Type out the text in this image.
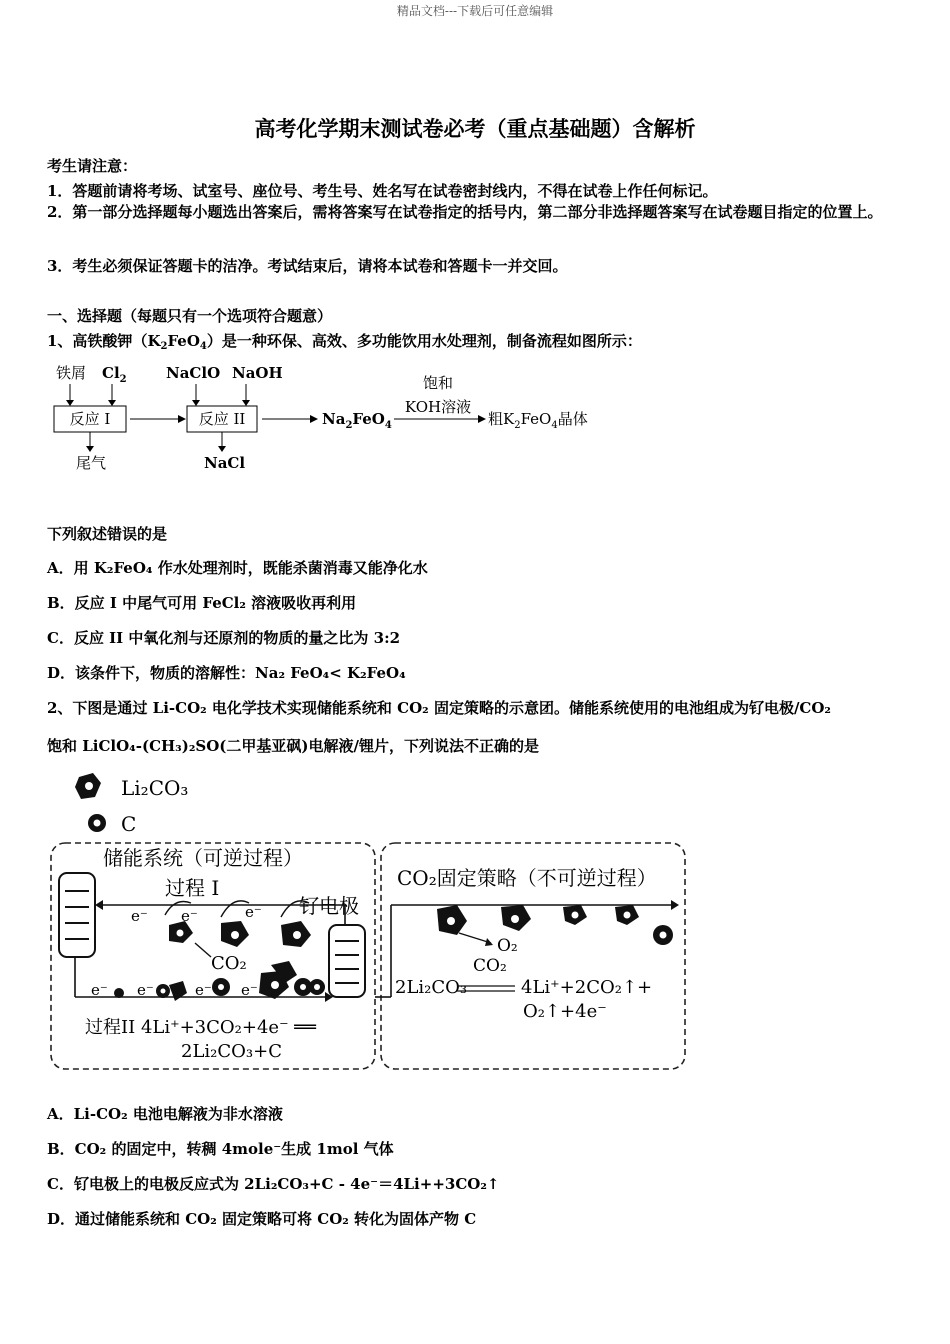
精品文档---下载后可任意编辑
高考化学期末测试卷必考（重点基础题）含解析
考生请注意：
1．答题前请将考场、试室号、座位号、考生号、姓名写在试卷密封线内，不得在试卷上作任何标记。
2．第一部分选择题每小题选出答案后，需将答案写在试卷指定的括号内，第二部分非选择题答案写在试卷题目指定的位置上。
3．考生必须保证答题卡的洁净。考试结束后，请将本试卷和答题卡一并交回。
一、选择题（每题只有一个选项符合题意）
1、高铁酸钾$(K_2FeO_4)$是一种环保、高效、多功能饮用水处理剂，制备流程如图所示：
铁屑 $Cl_2$
反应 I
尾气
NaClO NaOH
反应 II
NaCl
$Na_2FeO_4$
饱和
KOH溶液
粗$K_2FeO_4$晶体
下列叙述错误的是
A．用 K₂FeO₄ 作水处理剂时，既能杀菌消毒又能净化水
B．反应 I 中尾气可用 FeCl₂ 溶液吸收再利用
C．反应 II 中氧化剂与还原剂的物质的量之比为 3:2
D．该条件下，物质的溶解性：Na₂ FeO₄< K₂FeO₄
2、下图是通过 Li-CO₂ 电化学技术实现储能系统和 CO₂ 固定策略的示意团。储能系统使用的电池组成为钌电极/CO₂
饱和 LiClO₄-(CH₃)₂SO(二甲基亚砜)电解液/锂片，下列说法不正确的是
Li₂CO₃
C
储能系统（可逆过程）
过程 I
钌电极
e⁻ e⁻	e⁻
CO₂
e⁻ e⁻	e⁻ e⁻
过程II 4Li⁺+3CO₂+4e⁻ ══
2Li₂CO₃+C
CO₂固定策略（不可逆过程）
O₂
CO₂
2Li₂CO₃	4Li⁺+2CO₂↑+
O₂↑+4e⁻
A．Li-CO₂ 电池电解液为非水溶液
B．CO₂ 的固定中，转稠 4mole⁻生成 1mol 气体
C．钌电极上的电极反应式为 2Li₂CO₃+C - 4e⁻＝4Li++3CO₂↑
D．通过储能系统和 CO₂ 固定策略可将 CO₂ 转化为固体产物 C
